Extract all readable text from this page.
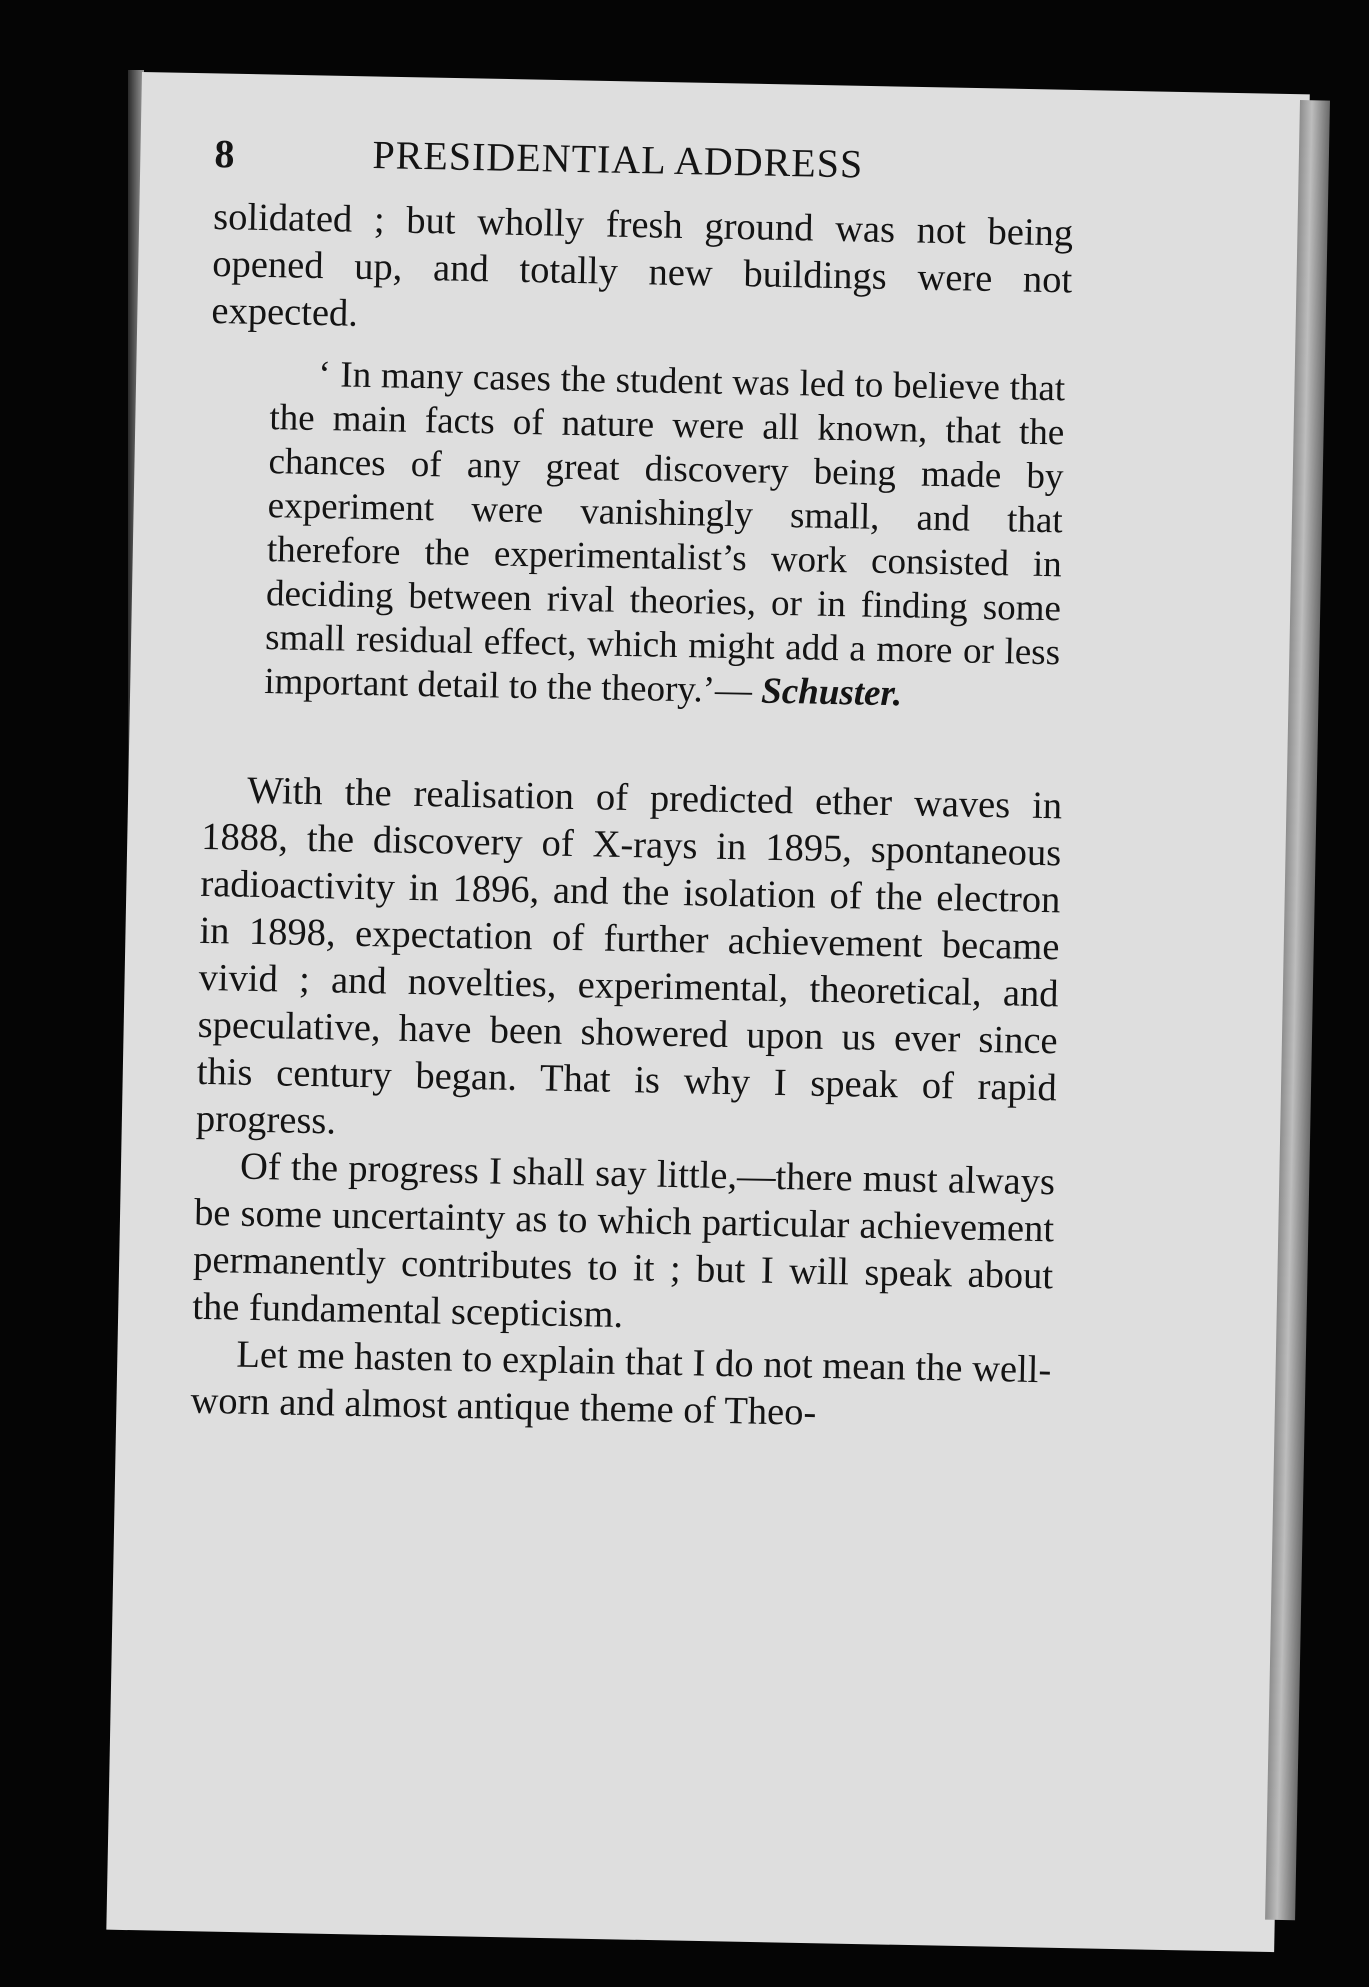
8	PRESIDENTIAL ADDRESS

solidated ; but wholly fresh ground was not being opened up, and totally new buildings were not expected.

‘ In many cases the student was led to believe that the main facts of nature were all known, that the chances of any great discovery being made by experiment were vanishingly small, and that therefore the experimentalist’s work consisted in deciding between rival theories, or in finding some small residual effect, which might add a more or less important detail to the theory.’— Schuster.

With the realisation of predicted ether waves in 1888, the discovery of X-rays in 1895, spontaneous radioactivity in 1896, and the isolation of the electron in 1898, expectation of further achievement became vivid ; and novelties, experimental, theoretical, and speculative, have been showered upon us ever since this century began. That is why I speak of rapid progress.

Of the progress I shall say little,—there must always be some uncertainty as to which particular achievement permanently contributes to it ; but I will speak about the fundamental scepticism.

Let me hasten to explain that I do not mean the well-worn and almost antique theme of Theo-
